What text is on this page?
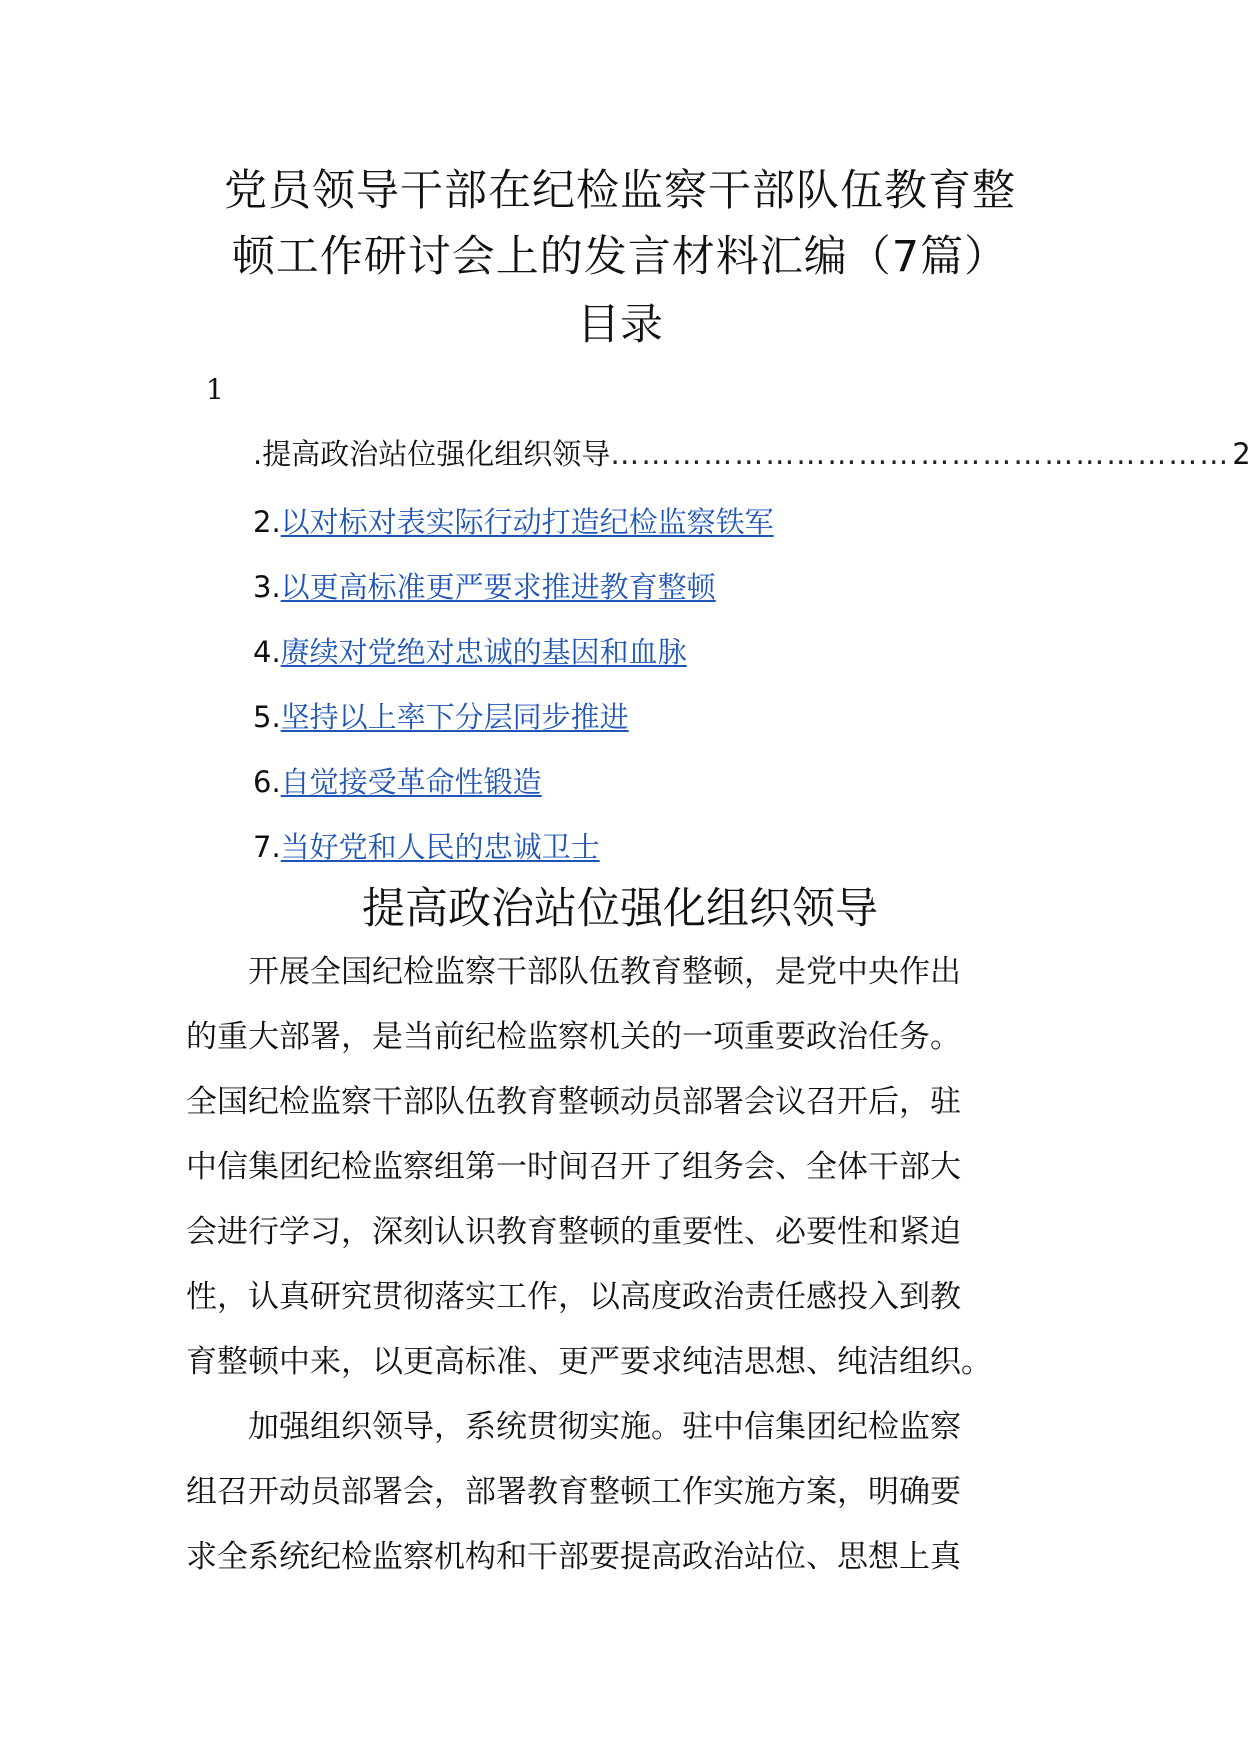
党员领导干部在纪检监察干部队伍教育整
顿工作研讨会上的发言材料汇编（7篇）
目录
1
.提高政治站位强化组织领导 …………………………………………………… 2
2.以对标对表实际行动打造纪检监察铁军
3.以更高标准更严要求推进教育整顿
4.赓续对党绝对忠诚的基因和血脉
5.坚持以上率下分层同步推进
6.自觉接受革命性锻造
7.当好党和人民的忠诚卫士
提高政治站位强化组织领导
开展全国纪检监察干部队伍教育整顿，是党中央作出
的重大部署，是当前纪检监察机关的一项重要政治任务。
全国纪检监察干部队伍教育整顿动员部署会议召开后，驻
中信集团纪检监察组第一时间召开了组务会、全体干部大
会进行学习，深刻认识教育整顿的重要性、必要性和紧迫
性，认真研究贯彻落实工作，以高度政治责任感投入到教
育整顿中来，以更高标准、更严要求纯洁思想、纯洁组织。
加强组织领导，系统贯彻实施。驻中信集团纪检监察
组召开动员部署会，部署教育整顿工作实施方案，明确要
求全系统纪检监察机构和干部要提高政治站位、思想上真
